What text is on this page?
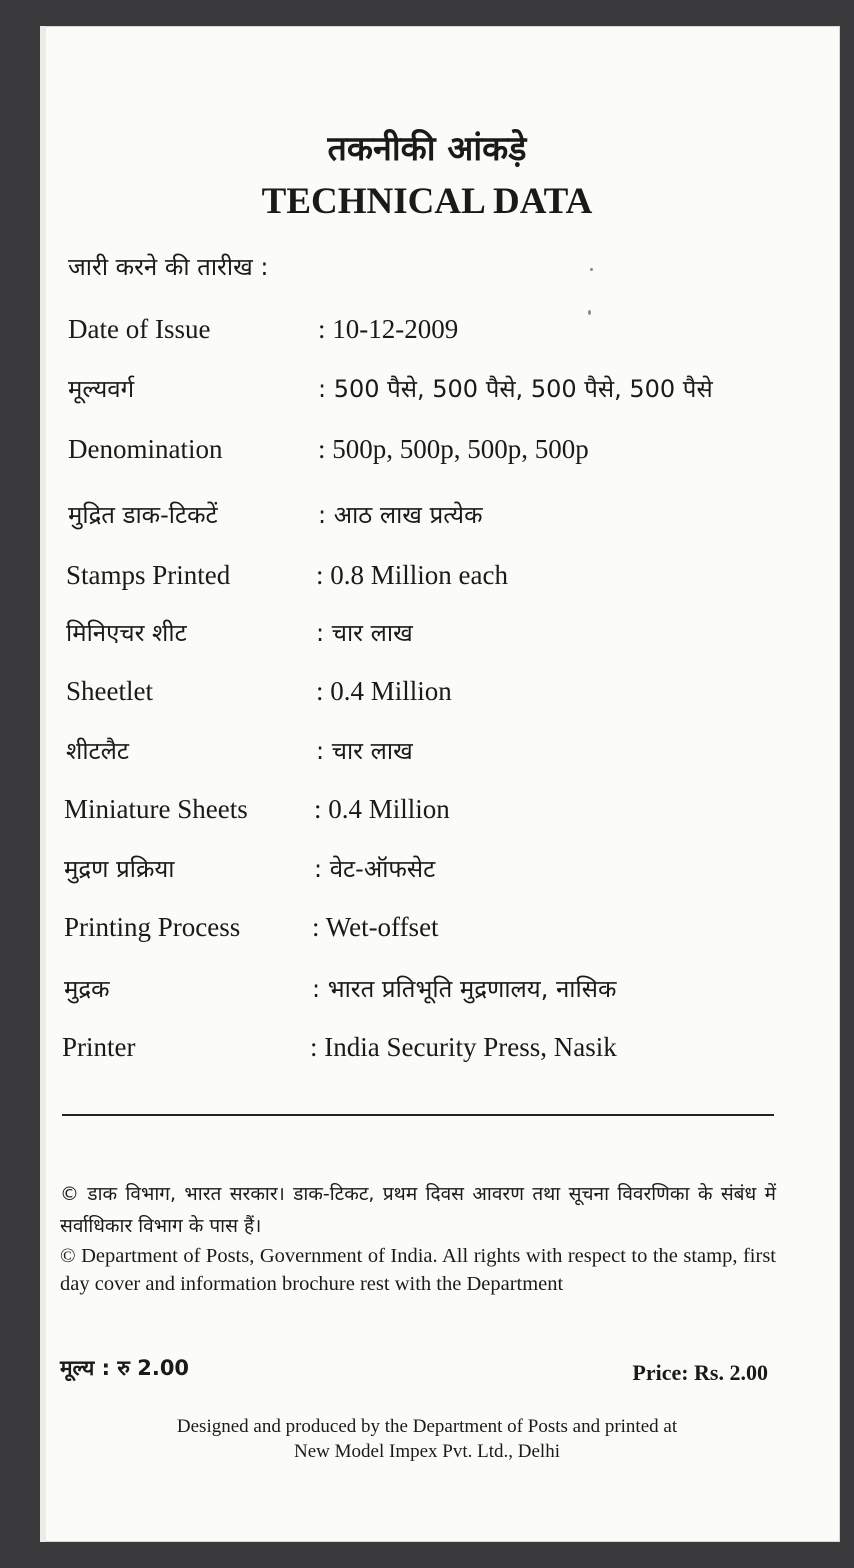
तकनीकी आंकड़े
TECHNICAL DATA
जारी करने की तारीख :
Date of Issue	: 10-12-2009
मूल्यवर्ग	: 500 पैसे, 500 पैसे, 500 पैसे, 500 पैसे
Denomination	: 500p, 500p, 500p, 500p
मुद्रित डाक-टिकटें	: आठ लाख प्रत्येक
Stamps Printed	: 0.8 Million each
मिनिएचर शीट	: चार लाख
Sheetlet	: 0.4 Million
शीटलैट	: चार लाख
Miniature Sheets : 0.4 Million
मुद्रण प्रक्रिया	: वेट-ऑफसेट
Printing Process	: Wet-offset
मुद्रक	: भारत प्रतिभूति मुद्रणालय, नासिक
Printer	: India Security Press, Nasik
© डाक विभाग, भारत सरकार। डाक-टिकट, प्रथम दिवस आवरण तथा सूचना विवरणिका के संबंध में सर्वाधिकार विभाग के पास हैं।
© Department of Posts, Government of India. All rights with respect to the stamp, first day cover and information brochure rest with the Department
मूल्य : रु 2.00	Price: Rs. 2.00
Designed and produced by the Department of Posts and printed at
New Model Impex Pvt. Ltd., Delhi
